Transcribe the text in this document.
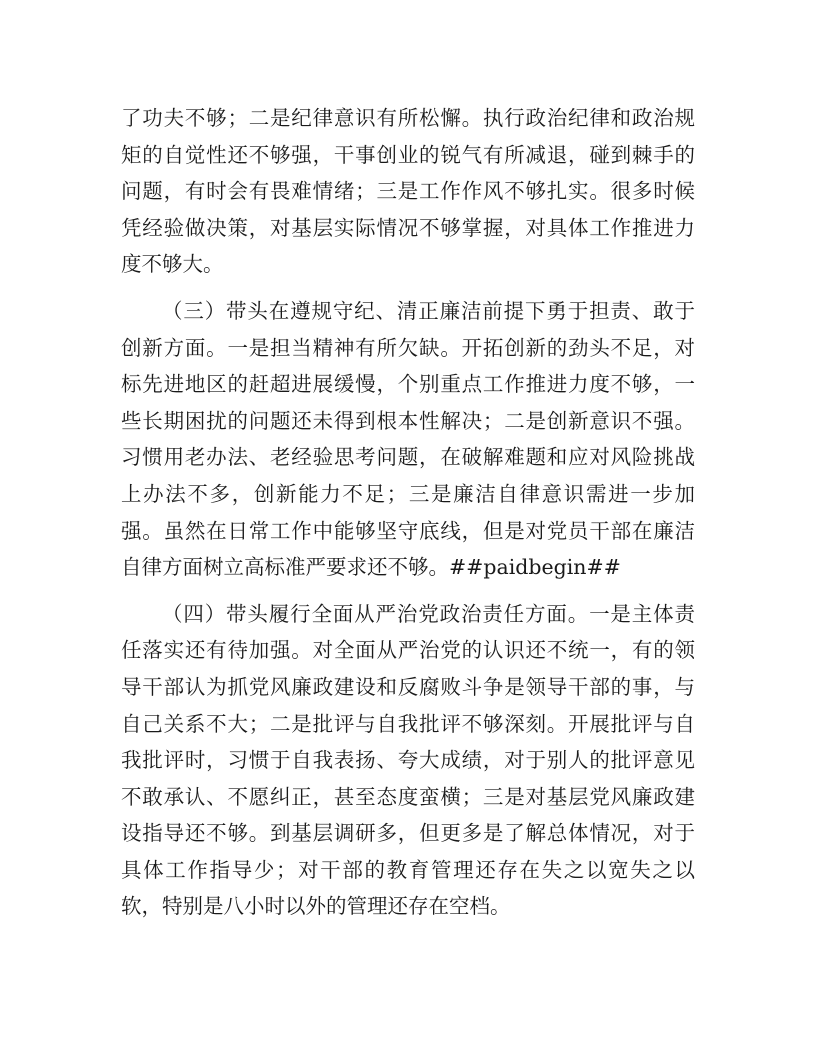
了功夫不够；二是纪律意识有所松懈。执行政治纪律和政治规
矩的自觉性还不够强，干事创业的锐气有所减退，碰到棘手的
问题，有时会有畏难情绪；三是工作作风不够扎实。很多时候
凭经验做决策，对基层实际情况不够掌握，对具体工作推进力
度不够大。

（三）带头在遵规守纪、清正廉洁前提下勇于担责、敢于
创新方面。一是担当精神有所欠缺。开拓创新的劲头不足，对
标先进地区的赶超进展缓慢，个别重点工作推进力度不够，一
些长期困扰的问题还未得到根本性解决；二是创新意识不强。
习惯用老办法、老经验思考问题，在破解难题和应对风险挑战
上办法不多，创新能力不足；三是廉洁自律意识需进一步加
强。虽然在日常工作中能够坚守底线，但是对党员干部在廉洁
自律方面树立高标准严要求还不够。##paidbegin##

（四）带头履行全面从严治党政治责任方面。一是主体责
任落实还有待加强。对全面从严治党的认识还不统一，有的领
导干部认为抓党风廉政建设和反腐败斗争是领导干部的事，与
自己关系不大；二是批评与自我批评不够深刻。开展批评与自
我批评时，习惯于自我表扬、夸大成绩，对于别人的批评意见
不敢承认、不愿纠正，甚至态度蛮横；三是对基层党风廉政建
设指导还不够。到基层调研多，但更多是了解总体情况，对于
具体工作指导少；对干部的教育管理还存在失之以宽失之以
软，特别是八小时以外的管理还存在空档。
